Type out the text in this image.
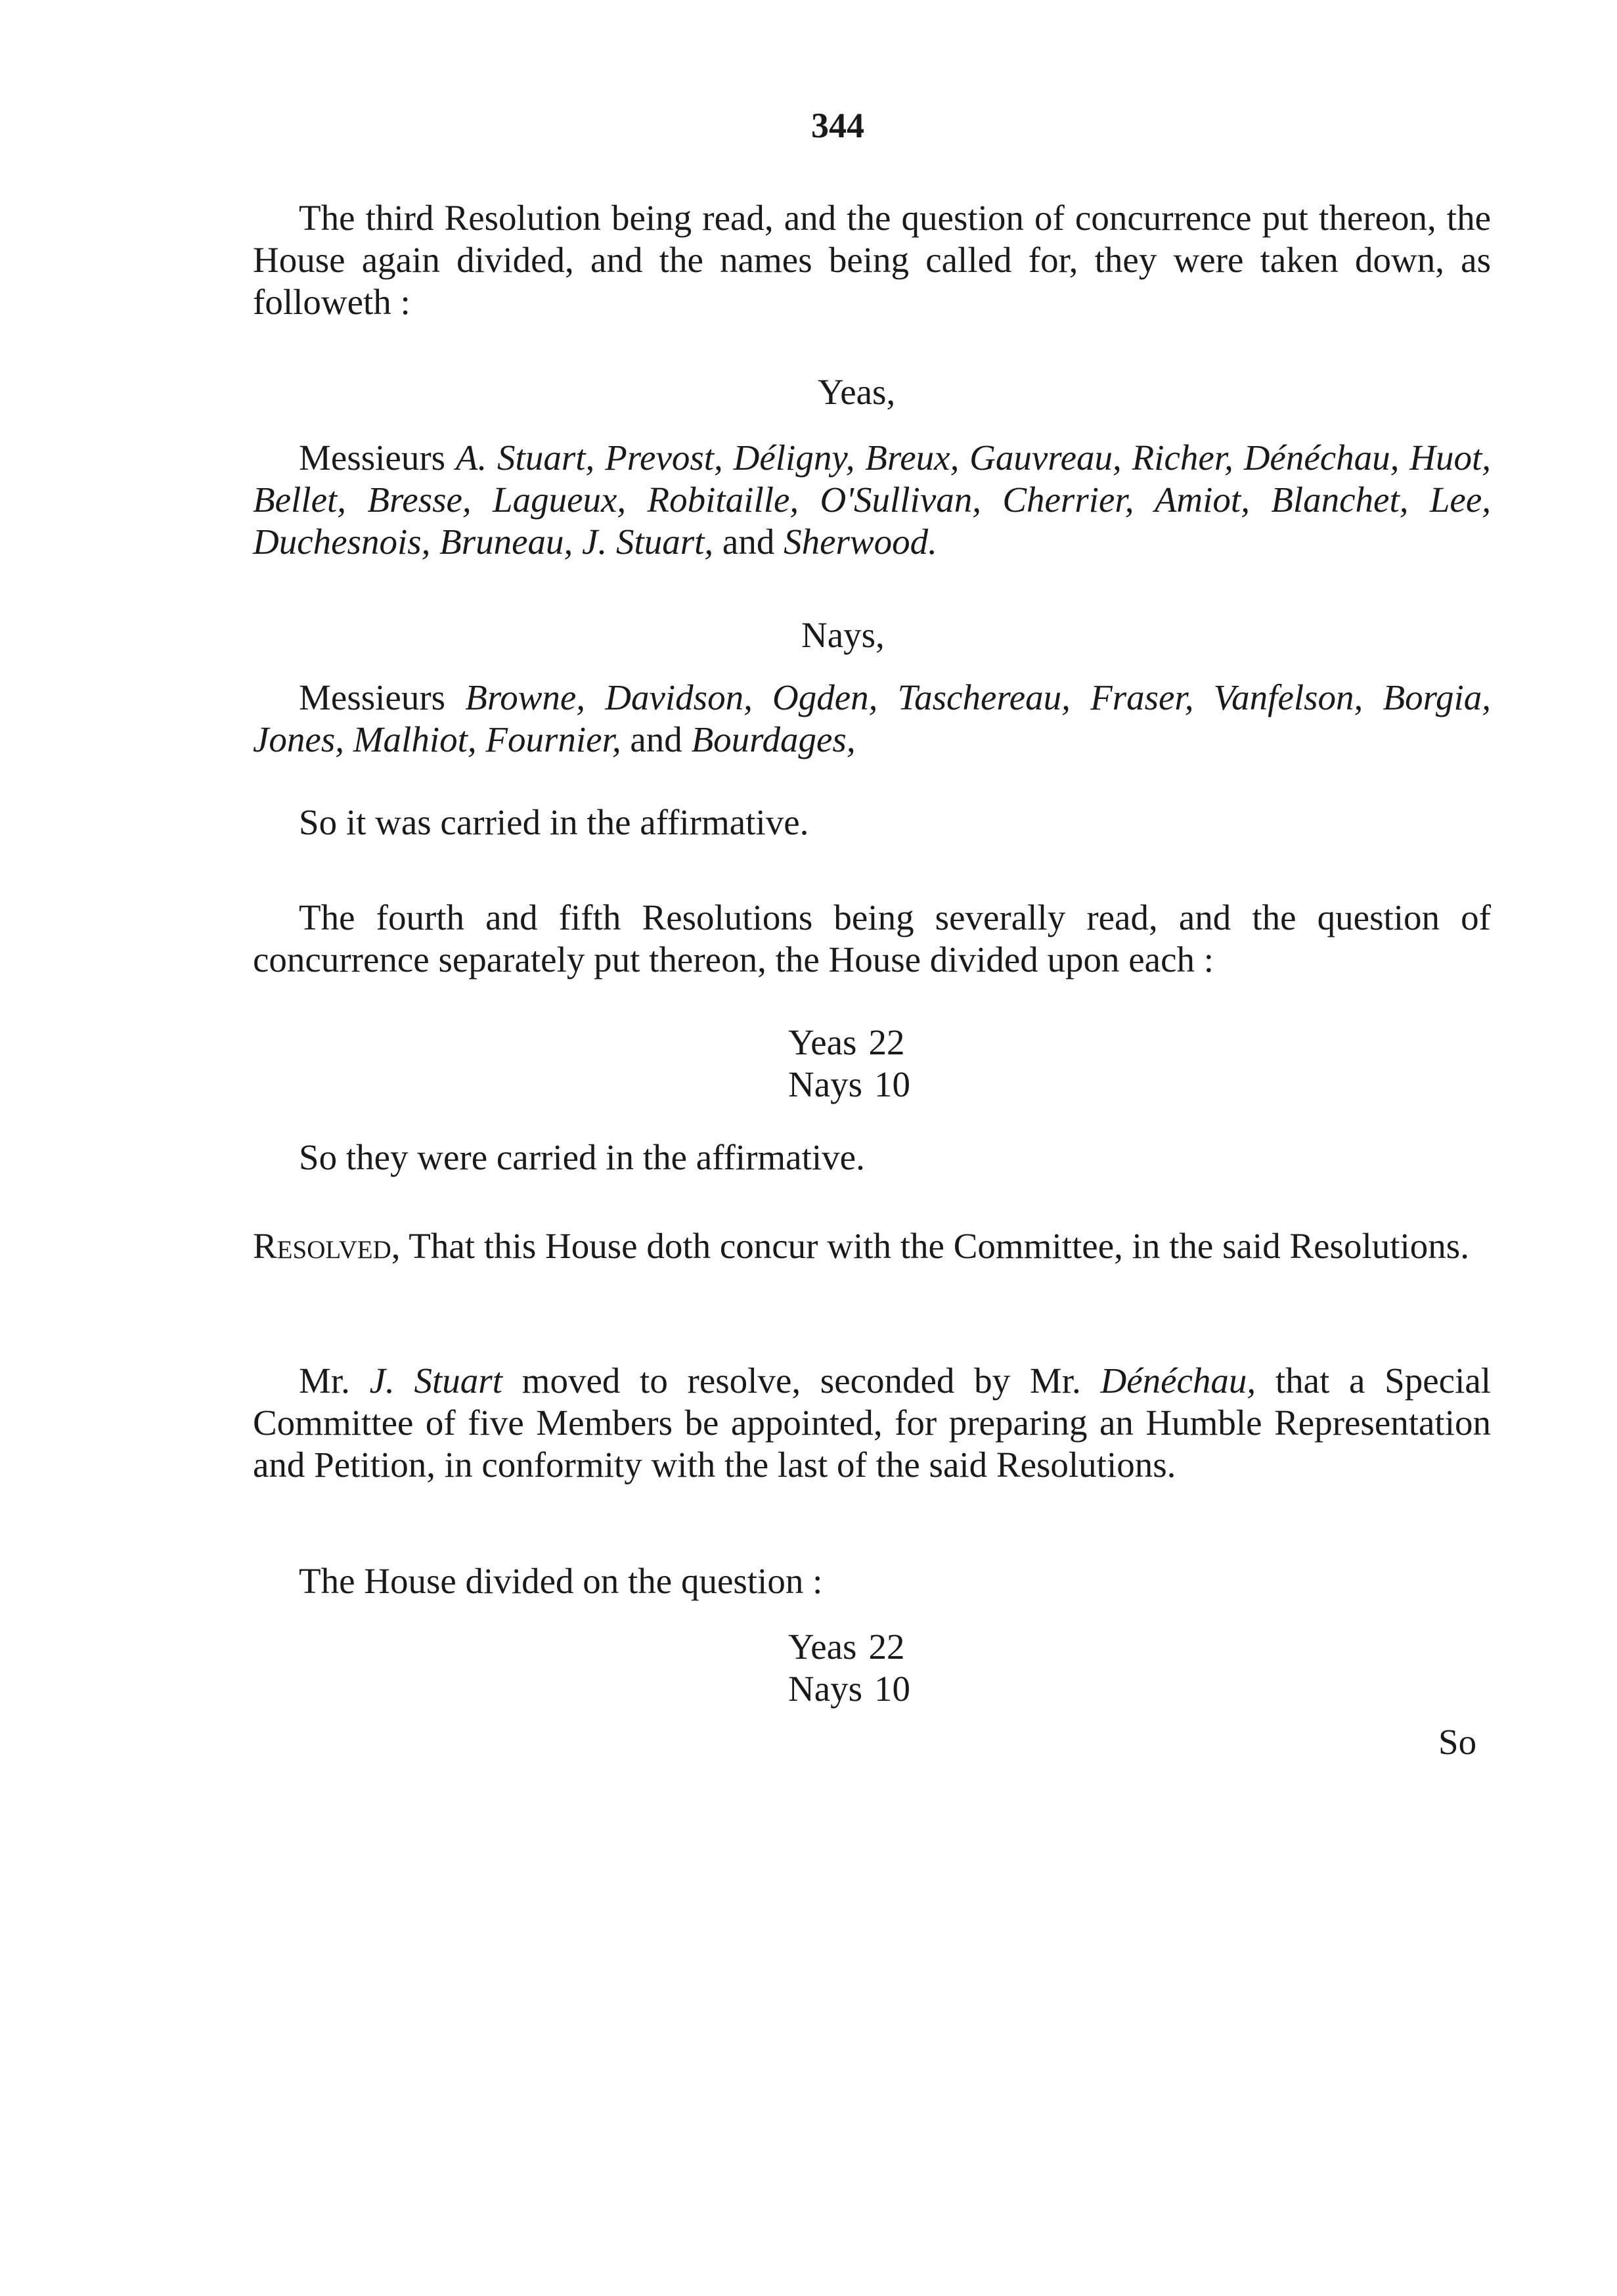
344
The third Resolution being read, and the question of concurrence put thereon, the House again divided, and the names being called for, they were taken down, as followeth :
Yeas,
Messieurs A. Stuart, Prevost, Déligny, Breux, Gauvreau, Richer, Dénéchau, Huot, Bellet, Bresse, Lagueux, Robitaille, O'Sullivan, Cherrier, Amiot, Blanchet, Lee, Duchesnois, Bruneau, J. Stuart, and Sherwood.
Nays,
Messieurs Browne, Davidson, Ogden, Taschereau, Fraser, Vanfelson, Borgia, Jones, Malhiot, Fournier, and Bourdages,
So it was carried in the affirmative.
The fourth and fifth Resolutions being severally read, and the question of concurrence separately put thereon, the House divided upon each :
Yeas 22
Nays 10
So they were carried in the affirmative.
Resolved, That this House doth concur with the Committee, in the said Resolutions.
Mr. J. Stuart moved to resolve, seconded by Mr. Dénéchau, that a Special Committee of five Members be appointed, for preparing an Humble Representation and Petition, in conformity with the last of the said Resolutions.
The House divided on the question :
Yeas 22
Nays 10
So
